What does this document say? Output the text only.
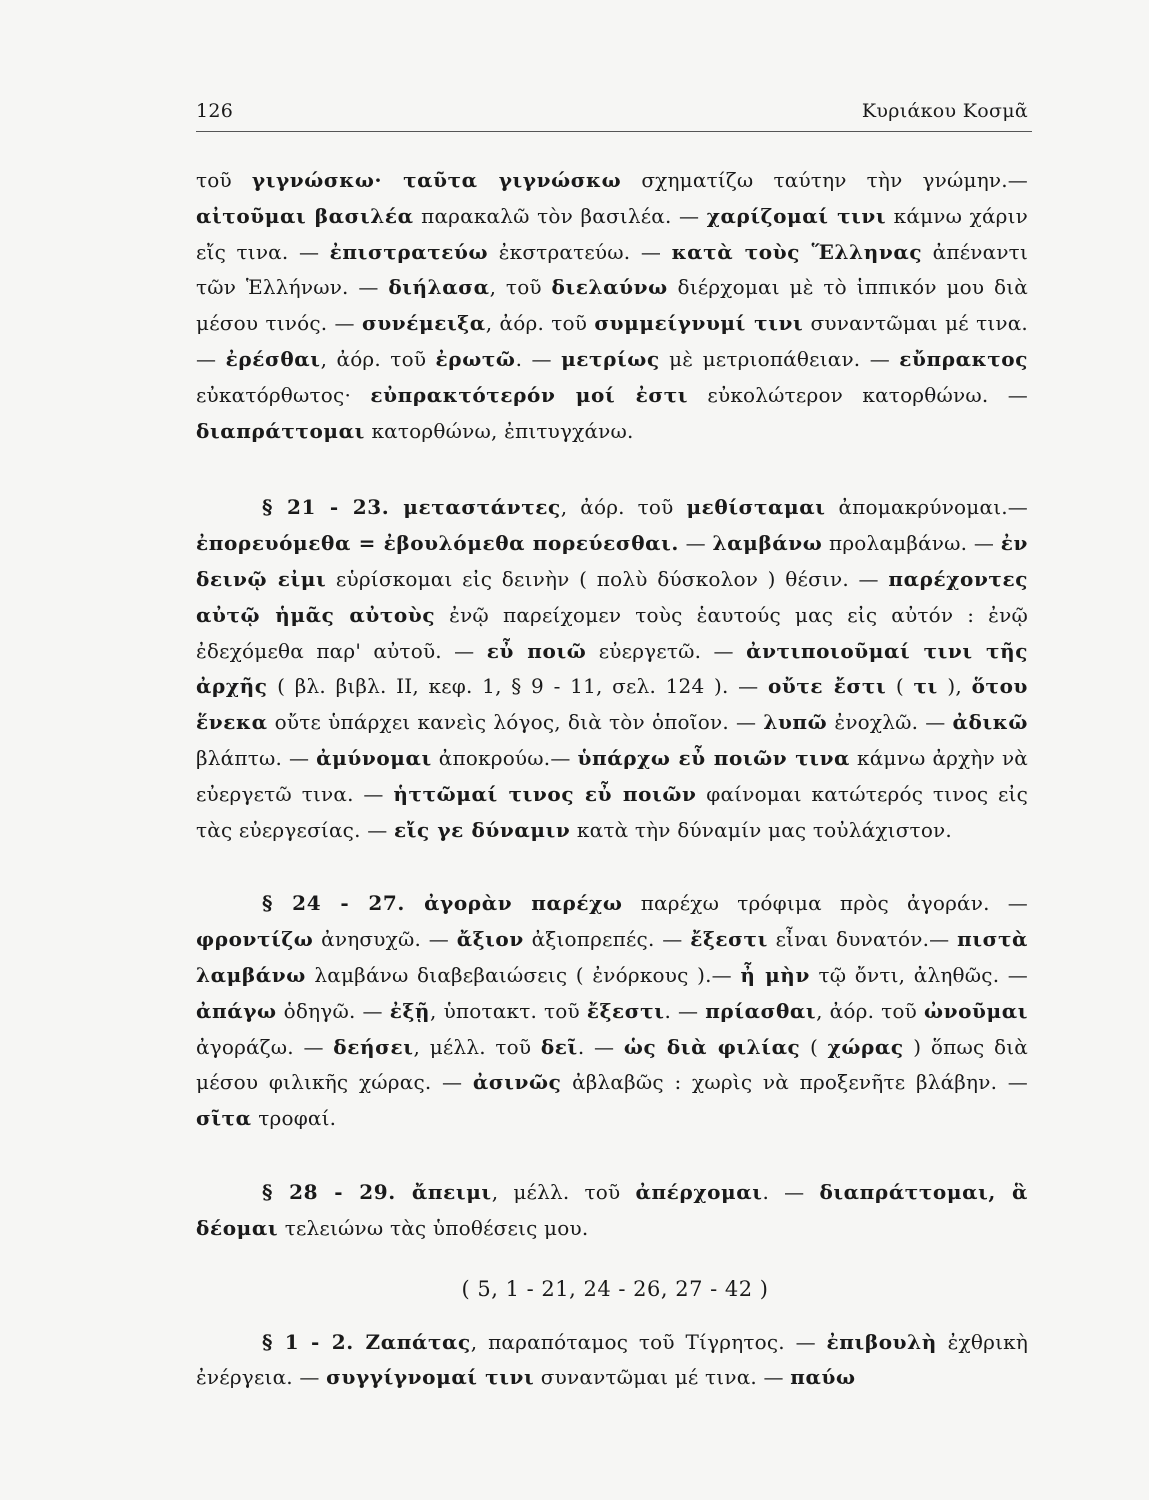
126	Κυριάκου Κοσμᾶ

τοῦ γιγνώσκω· ταῦτα γιγνώσκω σχηματίζω ταύτην τὴν γνώμην.— αἰτοῦμαι βασιλέα παρακαλῶ τὸν βασιλέα. — χαρίζομαί τινι κάμνω χάριν εἴς τινα. — ἐπιστρατεύω ἐκστρατεύω. — κατὰ τοὺς Ἕλληνας ἀπέναντι τῶν Ἑλλήνων. — διήλασα, τοῦ διελαύνω διέρχομαι μὲ τὸ ἱππικόν μου διὰ μέσου τινός. — συνέμειξα, ἀόρ. τοῦ συμμείγνυμί τινι συναντῶμαι μέ τινα. — ἐρέσθαι, ἀόρ. τοῦ ἐρωτῶ. — μετρίως μὲ μετριοπάθειαν. — εὔπρακτος εὐκατόρθωτος· εὐπρακτότερόν μοί ἐστι εὐκολώτερον κατορθώνω. — διαπράττομαι κατορθώνω, ἐπιτυγχάνω.

§ 21 - 23. μεταστάντες, ἀόρ. τοῦ μεθίσταμαι ἀπομακρύνομαι.— ἐπορευόμεθα = ἐβουλόμεθα πορεύεσθαι. — λαμβάνω προλαμβάνω. — ἐν δεινῷ εἰμι εὑρίσκομαι εἰς δεινὴν ( πολὺ δύσκολον ) θέσιν. — παρέχοντες αὐτῷ ἡμᾶς αὐτοὺς ἐνῷ παρείχομεν τοὺς ἑαυτούς μας εἰς αὐτόν : ἐνῷ ἐδεχόμεθα παρ' αὐτοῦ. — εὖ ποιῶ εὐεργετῶ. — ἀντιποιοῦμαί τινι τῆς ἀρχῆς ( βλ. βιβλ. II, κεφ. 1, § 9 - 11, σελ. 124 ). — οὔτε ἔστι ( τι ), ὅτου ἕνεκα οὔτε ὑπάρχει κανεὶς λόγος, διὰ τὸν ὁποῖον. — λυπῶ ἐνοχλῶ. — ἀδικῶ βλάπτω. — ἀμύνομαι ἀποκρούω.— ὑπάρχω εὖ ποιῶν τινα κάμνω ἀρχὴν νὰ εὐεργετῶ τινα. — ἡττῶμαί τινος εὖ ποιῶν φαίνομαι κατώτερός τινος εἰς τὰς εὐεργεσίας. — εἴς γε δύναμιν κατὰ τὴν δύναμίν μας τοὐλάχιστον.

§ 24 - 27. ἀγορὰν παρέχω παρέχω τρόφιμα πρὸς ἀγοράν. — φροντίζω ἀνησυχῶ. — ἄξιον ἀξιοπρεπές. — ἔξεστι εἶναι δυνατόν.— πιστὰ λαμβάνω λαμβάνω διαβεβαιώσεις ( ἐνόρκους ).— ἦ μὴν τῷ ὄντι, ἀληθῶς. — ἀπάγω ὁδηγῶ. — ἐξῇ, ὑποτακτ. τοῦ ἔξεστι. — πρίασθαι, ἀόρ. τοῦ ὠνοῦμαι ἀγοράζω. — δεήσει, μέλλ. τοῦ δεῖ. — ὡς διὰ φιλίας ( χώρας ) ὅπως διὰ μέσου φιλικῆς χώρας. — ἀσινῶς ἀβλαβῶς : χωρὶς νὰ προξενῆτε βλάβην. — σῖτα τροφαί.

§ 28 - 29. ἄπειμι, μέλλ. τοῦ ἀπέρχομαι. — διαπράττομαι, ἃ δέομαι τελειώνω τὰς ὑποθέσεις μου.

( 5, 1 - 21, 24 - 26, 27 - 42 )

§ 1 - 2. Ζαπάτας, παραπόταμος τοῦ Τίγρητος. — ἐπιβουλὴ ἐχθρικὴ ἐνέργεια. — συγγίγνομαί τινι συναντῶμαι μέ τινα. — παύω
